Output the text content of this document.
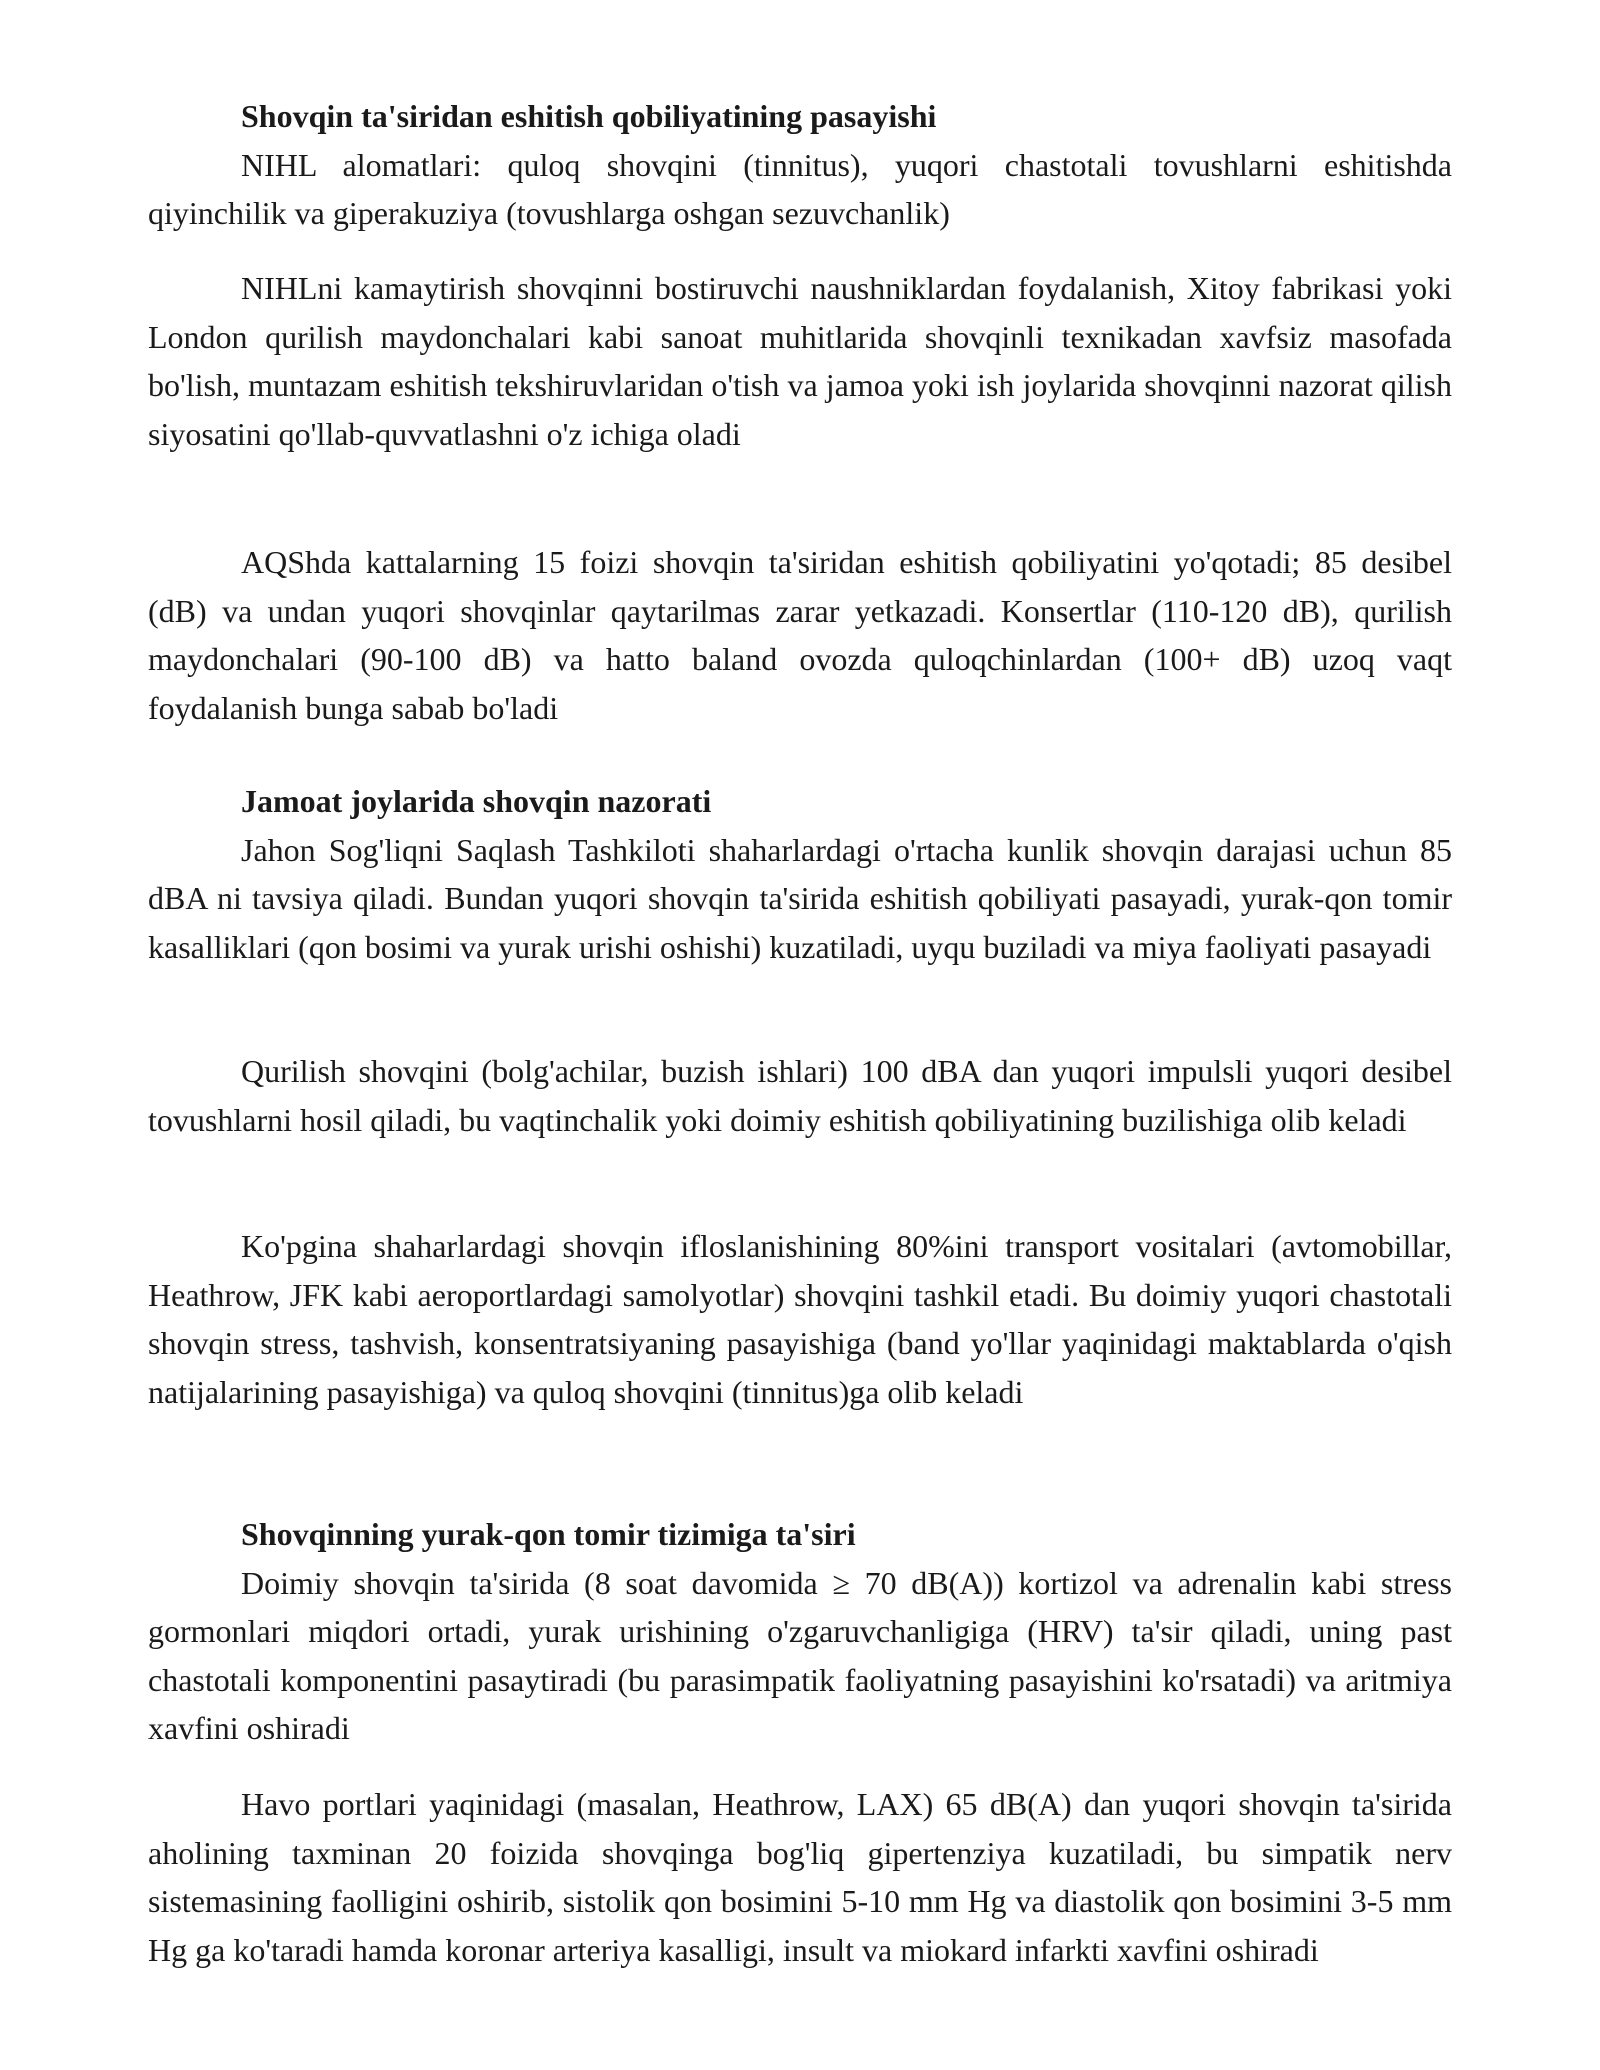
Shovqin ta'siridan eshitish qobiliyatining pasayishi

NIHL alomatlari: quloq shovqini (tinnitus), yuqori chastotali tovushlarni eshitishda qiyinchilik va giperakuziya (tovushlarga oshgan sezuvchanlik)

NIHLni kamaytirish shovqinni bostiruvchi naushniklardan foydalanish, Xitoy fabrikasi yoki London qurilish maydonchalari kabi sanoat muhitlarida shovqinli texnikadan xavfsiz masofada bo'lish, muntazam eshitish tekshiruvlaridan o'tish va jamoa yoki ish joylarida shovqinni nazorat qilish siyosatini qo'llab-quvvatlashni o'z ichiga oladi

AQShda kattalarning 15 foizi shovqin ta'siridan eshitish qobiliyatini yo'qotadi; 85 desibel (dB) va undan yuqori shovqinlar qaytarilmas zarar yetkazadi. Konsertlar (110-120 dB), qurilish maydonchalari (90-100 dB) va hatto baland ovozda quloqchinlardan (100+ dB) uzoq vaqt foydalanish bunga sabab bo'ladi

Jamoat joylarida shovqin nazorati

Jahon Sog'liqni Saqlash Tashkiloti shaharlardagi o'rtacha kunlik shovqin darajasi uchun 85 dBA ni tavsiya qiladi. Bundan yuqori shovqin ta'sirida eshitish qobiliyati pasayadi, yurak-qon tomir kasalliklari (qon bosimi va yurak urishi oshishi) kuzatiladi, uyqu buziladi va miya faoliyati pasayadi

Qurilish shovqini (bolg'achilar, buzish ishlari) 100 dBA dan yuqori impulsli yuqori desibel tovushlarni hosil qiladi, bu vaqtinchalik yoki doimiy eshitish qobiliyatining buzilishiga olib keladi

Ko'pgina shaharlardagi shovqin ifloslanishining 80%ini transport vositalari (avtomobillar, Heathrow, JFK kabi aeroportlardagi samolyotlar) shovqini tashkil etadi. Bu doimiy yuqori chastotali shovqin stress, tashvish, konsentratsiyaning pasayishiga (band yo'llar yaqinidagi maktablarda o'qish natijalarining pasayishiga) va quloq shovqini (tinnitus)ga olib keladi

Shovqinning yurak-qon tomir tizimiga ta'siri

Doimiy shovqin ta'sirida (8 soat davomida ≥ 70 dB(A)) kortizol va adrenalin kabi stress gormonlari miqdori ortadi, yurak urishining o'zgaruvchanligiga (HRV) ta'sir qiladi, uning past chastotali komponentini pasaytiradi (bu parasimpatik faoliyatning pasayishini ko'rsatadi) va aritmiya xavfini oshiradi

Havo portlari yaqinidagi (masalan, Heathrow, LAX) 65 dB(A) dan yuqori shovqin ta'sirida aholining taxminan 20 foizida shovqinga bog'liq gipertenziya kuzatiladi, bu simpatik nerv sistemasining faolligini oshirib, sistolik qon bosimini 5-10 mm Hg va diastolik qon bosimini 3-5 mm Hg ga ko'taradi hamda koronar arteriya kasalligi, insult va miokard infarkti xavfini oshiradi
